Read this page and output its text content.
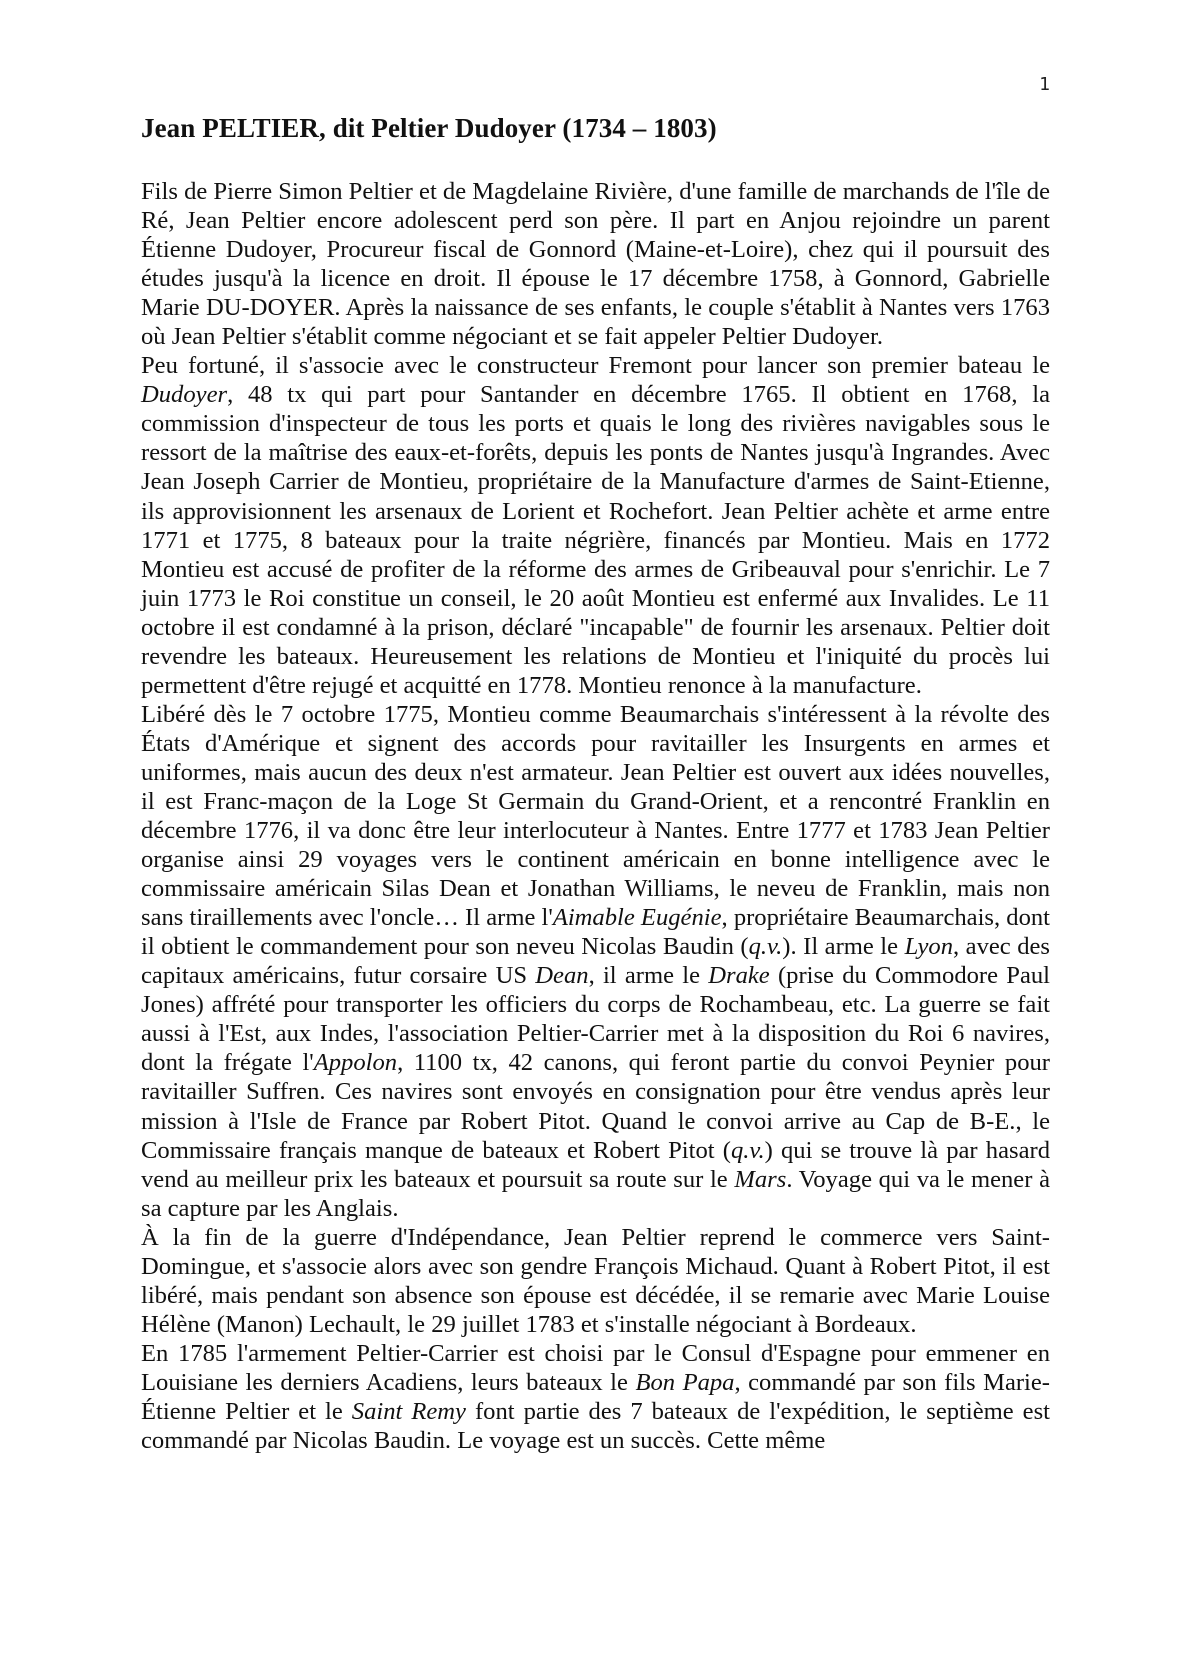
1
Jean PELTIER, dit Peltier Dudoyer (1734 – 1803)

Fils de Pierre Simon Peltier et de Magdelaine Rivière, d'une famille de marchands de l'île de Ré, Jean Peltier encore adolescent perd son père. Il part en Anjou rejoindre un parent Étienne Dudoyer, Procureur fiscal de Gonnord (Maine-et-Loire), chez qui il poursuit des études jusqu'à la licence en droit. Il épouse le 17 décembre 1758, à Gonnord, Gabrielle Marie DU-DOYER. Après la naissance de ses enfants, le couple s'établit à Nantes vers 1763 où Jean Peltier s'établit comme négociant et se fait appeler Peltier Dudoyer.

Peu fortuné, il s'associe avec le constructeur Fremont pour lancer son premier bateau le Dudoyer, 48 tx qui part pour Santander en décembre 1765. Il obtient en 1768, la commission d'inspecteur de tous les ports et quais le long des rivières navigables sous le ressort de la maîtrise des eaux-et-forêts, depuis les ponts de Nantes jusqu'à Ingrandes. Avec Jean Joseph Carrier de Montieu, propriétaire de la Manufacture d'armes de Saint-Etienne, ils approvisionnent les arsenaux de Lorient et Rochefort. Jean Peltier achète et arme entre 1771 et 1775, 8 bateaux pour la traite négrière, financés par Montieu. Mais en 1772 Montieu est accusé de profiter de la réforme des armes de Gribeauval pour s'enrichir. Le 7 juin 1773 le Roi constitue un conseil, le 20 août Montieu est enfermé aux Invalides. Le 11 octobre il est condamné à la prison, déclaré "incapable" de fournir les arsenaux. Peltier doit revendre les bateaux. Heureusement les relations de Montieu et l'iniquité du procès lui permettent d'être rejugé et acquitté en 1778. Montieu renonce à la manufacture.

Libéré dès le 7 octobre 1775, Montieu comme Beaumarchais s'intéressent à la révolte des États d'Amérique et signent des accords pour ravitailler les Insurgents en armes et uniformes, mais aucun des deux n'est armateur. Jean Peltier est ouvert aux idées nouvelles, il est Franc-maçon de la Loge St Germain du Grand-Orient, et a rencontré Franklin en décembre 1776, il va donc être leur interlocuteur à Nantes. Entre 1777 et 1783 Jean Peltier organise ainsi 29 voyages vers le continent américain en bonne intelligence avec le commissaire américain Silas Dean et Jonathan Williams, le neveu de Franklin, mais non sans tiraillements avec l'oncle… Il arme l'Aimable Eugénie, propriétaire Beaumarchais, dont il obtient le commandement pour son neveu Nicolas Baudin (q.v.). Il arme le Lyon, avec des capitaux américains, futur corsaire US Dean, il arme le Drake (prise du Commodore Paul Jones) affrété pour transporter les officiers du corps de Rochambeau, etc. La guerre se fait aussi à l'Est, aux Indes, l'association Peltier-Carrier met à la disposition du Roi 6 navires, dont la frégate l'Appolon, 1100 tx, 42 canons, qui feront partie du convoi Peynier pour ravitailler Suffren. Ces navires sont envoyés en consignation pour être vendus après leur mission à l'Isle de France par Robert Pitot. Quand le convoi arrive au Cap de B-E., le Commissaire français manque de bateaux et Robert Pitot (q.v.) qui se trouve là par hasard vend au meilleur prix les bateaux et poursuit sa route sur le Mars. Voyage qui va le mener à sa capture par les Anglais.

À la fin de la guerre d'Indépendance, Jean Peltier reprend le commerce vers Saint-Domingue, et s'associe alors avec son gendre François Michaud. Quant à Robert Pitot, il est libéré, mais pendant son absence son épouse est décédée, il se remarie avec Marie Louise Hélène (Manon) Lechault, le 29 juillet 1783 et s'installe négociant à Bordeaux.

En 1785 l'armement Peltier-Carrier est choisi par le Consul d'Espagne pour emmener en Louisiane les derniers Acadiens, leurs bateaux le Bon Papa, commandé par son fils Marie-Étienne Peltier et le Saint Remy font partie des 7 bateaux de l'expédition, le septième est commandé par Nicolas Baudin. Le voyage est un succès. Cette même
